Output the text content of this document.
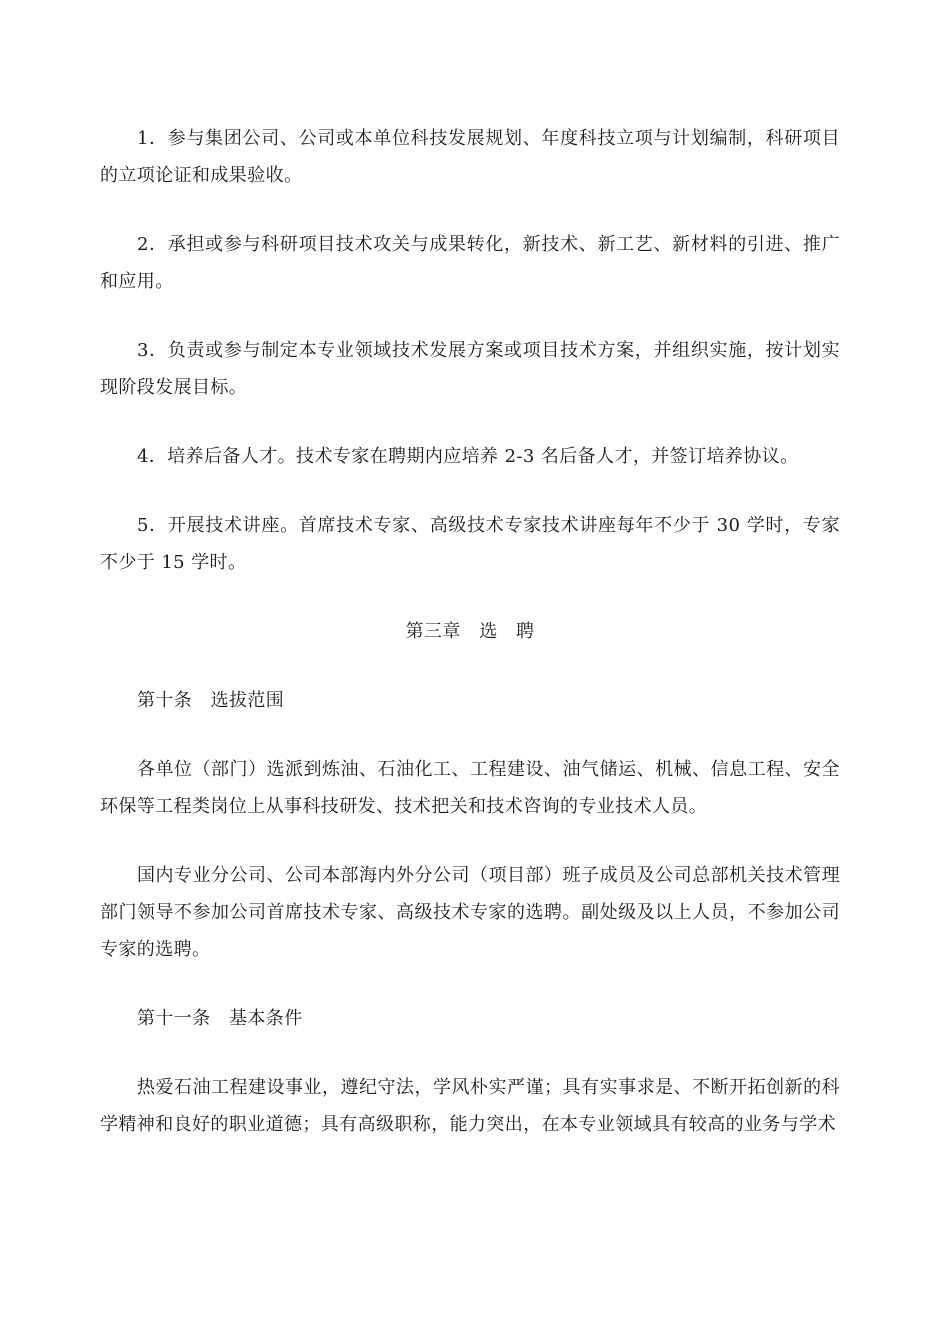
1．参与集团公司、公司或本单位科技发展规划、年度科技立项与计划编制，科研项目的立项论证和成果验收。

2．承担或参与科研项目技术攻关与成果转化，新技术、新工艺、新材料的引进、推广和应用。

3．负责或参与制定本专业领域技术发展方案或项目技术方案，并组织实施，按计划实现阶段发展目标。

4．培养后备人才。技术专家在聘期内应培养 2-3 名后备人才，并签订培养协议。

5．开展技术讲座。首席技术专家、高级技术专家技术讲座每年不少于 30 学时，专家不少于 15 学时。

第三章　选　聘

第十条　选拔范围

各单位（部门）选派到炼油、石油化工、工程建设、油气储运、机械、信息工程、安全环保等工程类岗位上从事科技研发、技术把关和技术咨询的专业技术人员。

国内专业分公司、公司本部海内外分公司（项目部）班子成员及公司总部机关技术管理部门领导不参加公司首席技术专家、高级技术专家的选聘。副处级及以上人员，不参加公司专家的选聘。

第十一条　基本条件

热爱石油工程建设事业，遵纪守法，学风朴实严谨；具有实事求是、不断开拓创新的科学精神和良好的职业道德；具有高级职称，能力突出，在本专业领域具有较高的业务与学术
